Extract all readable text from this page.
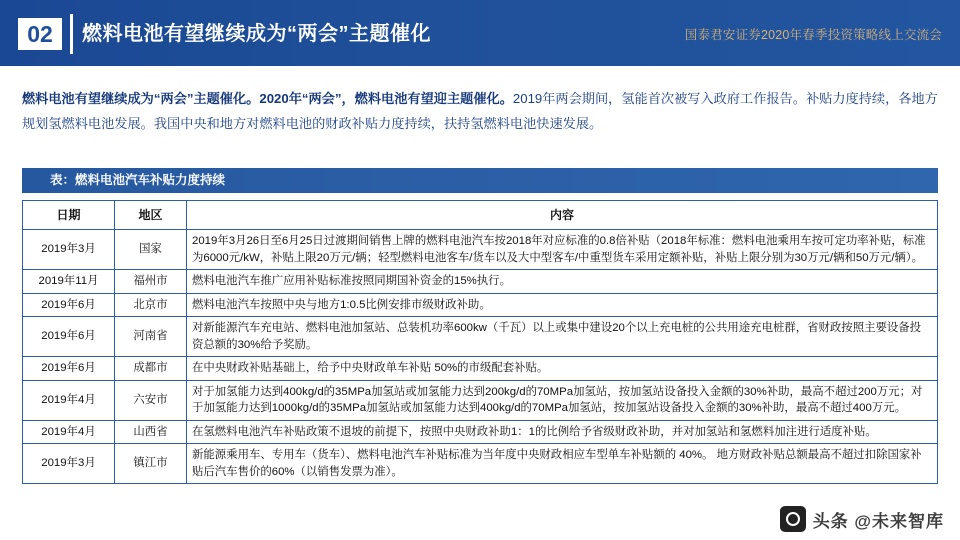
02	燃料电池有望继续成为“两会”主题催化	国泰君安证券2020年春季投资策略线上交流会
燃料电池有望继续成为“两会”主题催化。2020年“两会”，燃料电池有望迎主题催化。2019年两会期间，氢能首次被写入政府工作报告。补贴力度持续，各地方规划氢燃料电池发展。我国中央和地方对燃料电池的财政补贴力度持续，扶持氢燃料电池快速发展。
表：燃料电池汽车补贴力度持续
日期	地区	内容
2019年3月	国家	2019年3月26日至6月25日过渡期间销售上牌的燃料电池汽车按2018年对应标准的0.8倍补贴（2018年标准：燃料电池乘用车按可定功率补贴，标准为6000元/kW，补贴上限20万元/辆；轻型燃料电池客车/货车以及大中型客车/中重型货车采用定额补贴，补贴上限分别为30万元/辆和50万元/辆）。
2019年11月	福州市	燃料电池汽车推广应用补贴标准按照同期国补资金的15%执行。
2019年6月	北京市	燃料电池汽车按照中央与地方1:0.5比例安排市级财政补助。
2019年6月	河南省	对新能源汽车充电站、燃料电池加氢站、总装机功率600kw（千瓦）以上或集中建设20个以上充电桩的公共用途充电桩群，省财政按照主要设备投资总额的30%给予奖励。
2019年6月	成都市	在中央财政补贴基础上，给予中央财政单车补贴 50%的市级配套补贴。
2019年4月	六安市	对于加氢能力达到400kg/d的35MPa加氢站或加氢能力达到200kg/d的70MPa加氢站，按加氢站设备投入金额的30%补助，最高不超过200万元；对于加氢能力达到1000kg/d的35MPa加氢站或加氢能力达到400kg/d的70MPa加氢站，按加氢站设备投入金额的30%补助，最高不超过400万元。
2019年4月	山西省	在氢燃料电池汽车补贴政策不退坡的前提下，按照中央财政补助1：1的比例给予省级财政补助，并对加氢站和氢燃料加注进行适度补贴。
2019年3月	镇江市	新能源乘用车、专用车（货车）、燃料电池汽车补贴标准为当年度中央财政相应车型单车补贴额的 40%。 地方财政补贴总额最高不超过扣除国家补贴后汽车售价的60%（以销售发票为准）。
头条 @未来智库
